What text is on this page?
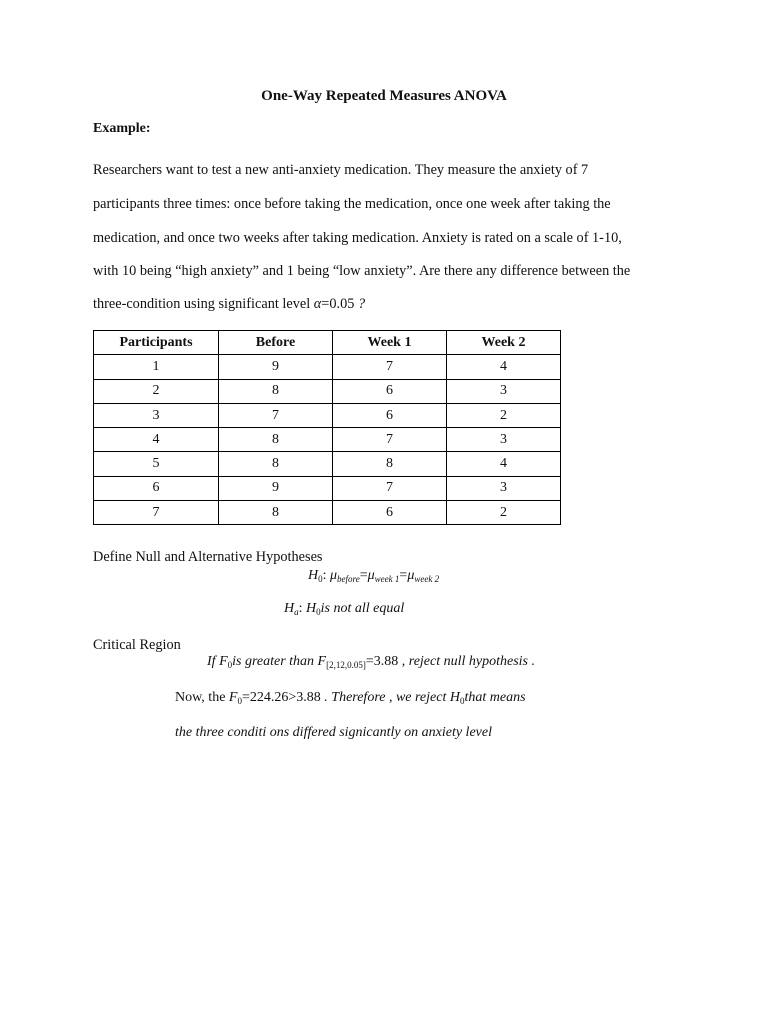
One-Way Repeated Measures ANOVA
Example:
Researchers want to test a new anti-anxiety medication. They measure the anxiety of 7
participants three times: once before taking the medication, once one week after taking the
medication, and once two weeks after taking medication. Anxiety is rated on a scale of 1-10,
with 10 being “high anxiety” and 1 being “low anxiety”. Are there any difference between the
three-condition using significant level α=0.05 ?
Participants	Before	Week 1	Week 2
1	9	7	4
2	8	6	3
3	7	6	2
4	8	7	3
5	8	8	4
6	9	7	3
7	8	6	2
Define Null and Alternative Hypotheses
$H_0$: $\mu_{before}=\mu_{week 1}=\mu_{week 2}$
$H_a$: $H_0is$ not all equal
Critical Region
If $F_0is$ greater than $F_{[2,12,0.05]}=3.88$ , reject null hypothesis .
Now, the $F_0=224.26>3.88$ . Therefore , we reject $H_0that$ means
the three conditi ons differed signicantly on anxiety level
